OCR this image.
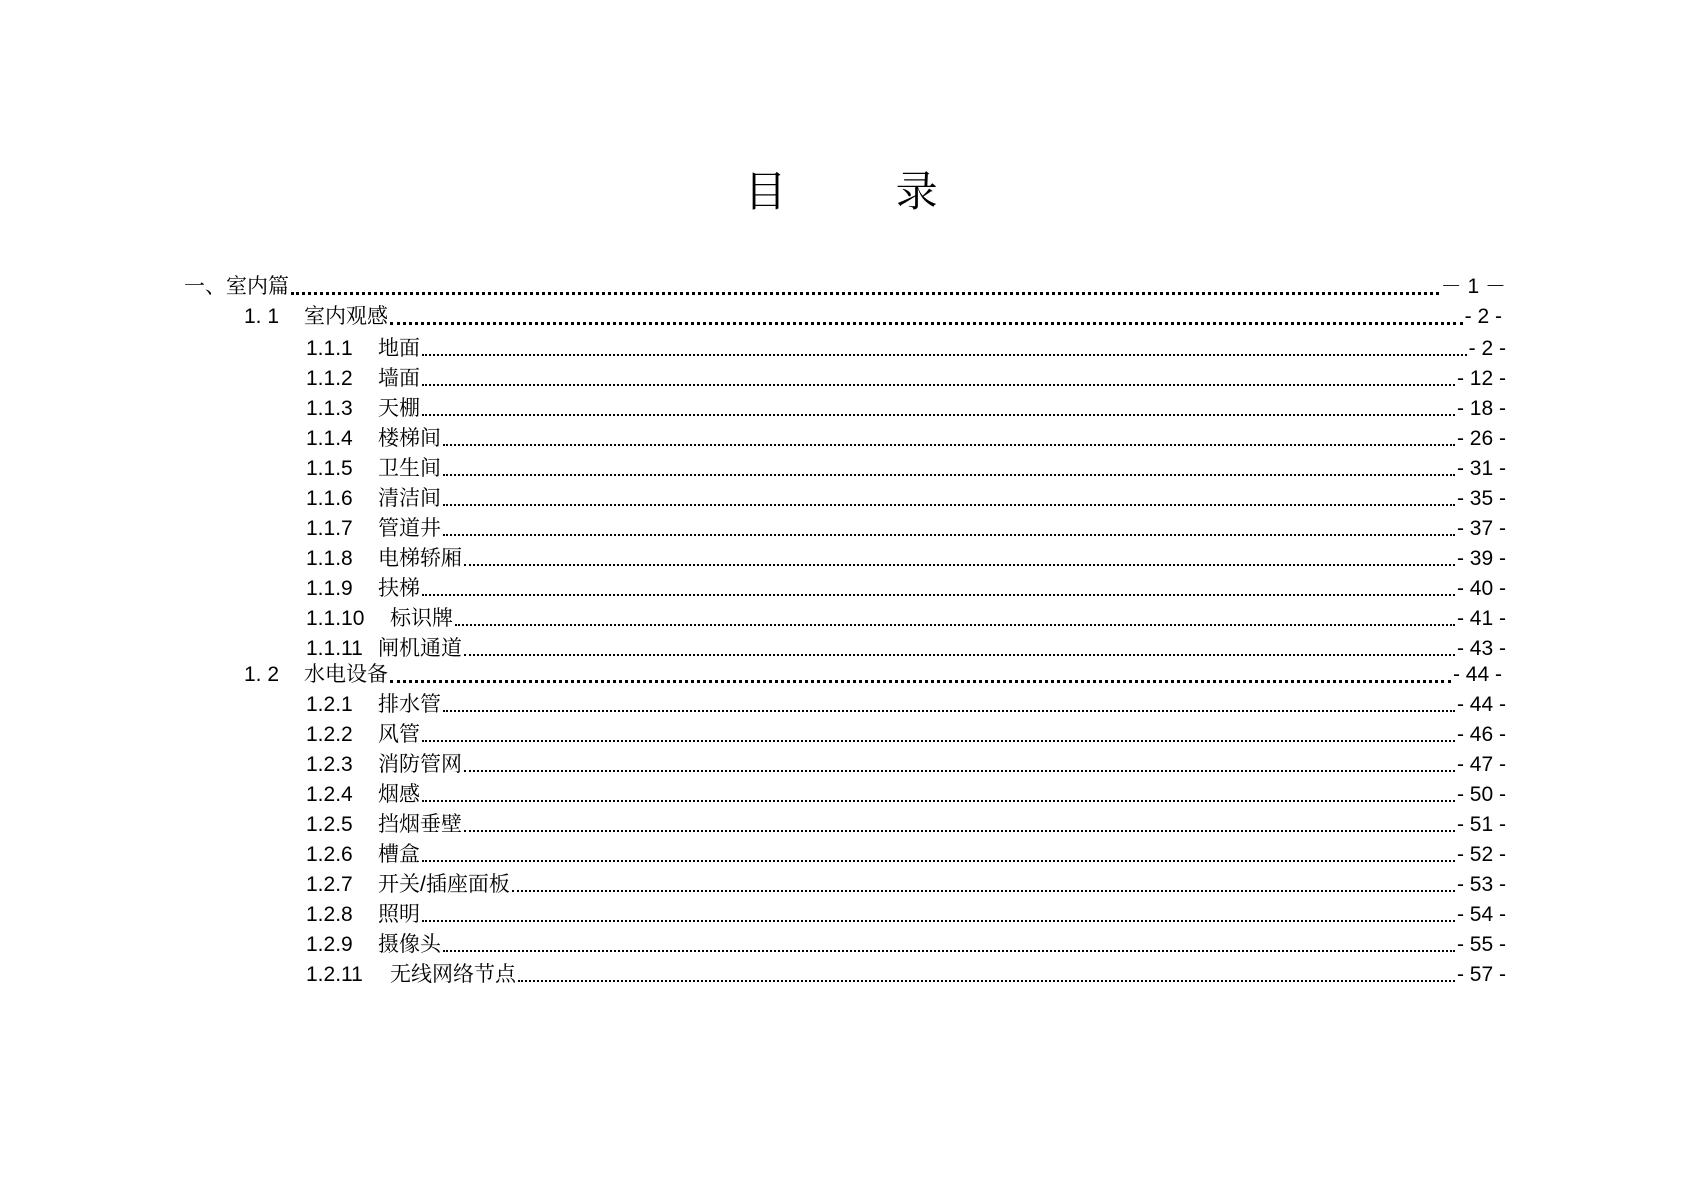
目 录
一、 室内篇	－ 1 －
1. 1	室内观感	- 2 -
1.1.1	地面	- 2 -
1.1.2	墙面	- 12 -
1.1.3	天棚	- 18 -
1.1.4	楼梯间	- 26 -
1.1.5	卫生间	- 31 -
1.1.6	清洁间	- 35 -
1.1.7	管道井	- 37 -
1.1.8	电梯轿厢	- 39 -
1.1.9	扶梯	- 40 -
1.1.10	标识牌	- 41 -
1.1.11 闸机通道	- 43 -
1. 2	水电设备	- 44 -
1.2.1	排水管	- 44 -
1.2.2	风管	- 46 -
1.2.3	消防管网	- 47 -
1.2.4	烟感	- 50 -
1.2.5	挡烟垂壁	- 51 -
1.2.6	槽盒	- 52 -
1.2.7	开关/插座面板	- 53 -
1.2.8	照明	- 54 -
1.2.9	摄像头	- 55 -
1.2.11	无线网络节点	- 57 -
